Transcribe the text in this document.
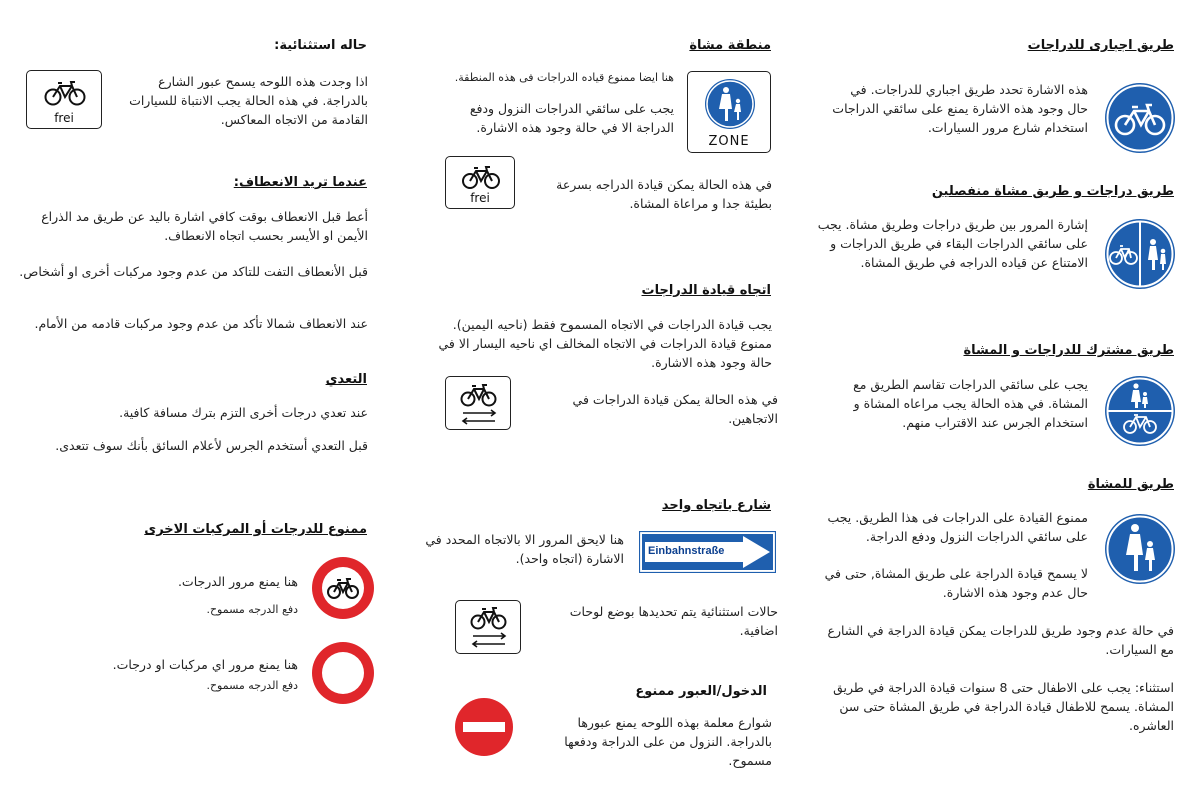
طريق اجبارى للدراجات
هذه الاشارة تحدد طريق اجباري للدراجات. في حال وجود هذه الاشارة يمنع على سائقي الدراجات استخدام شارع مرور السيارات.
طريق دراجات و طريق مشاة منفصلين
إشارة المرور بين طريق دراجات وطريق مشاة. يجب على سائقي الدراجات البقاء في طريق الدراجات و الامتناع عن قياده الدراجه في طريق المشاة.
طريق مشترك للدراجات و المشاة
يجب على سائقي الدراجات تقاسم الطريق مع المشاة. في هذه الحالة يجب مراعاه المشاة و استخدام الجرس عند الاقتراب منهم.
طريق للمشاة
ممنوع القيادة على الدراجات فى هذا الطريق. يجب على سائقي الدراجات النزول ودفع الدراجة.
لا يسمح قيادة الدراجة على طريق المشاة, حتى في حال عدم وجود هذه الاشارة.
في حالة عدم وجود طريق للدراجات يمكن قيادة الدراجة في الشارع مع السيارات.
استثناء: يجب على الاطفال حتى 8 سنوات قيادة الدراجة في طريق المشاة. يسمح للاطفال قيادة الدراجة في طريق المشاة حتى سن العاشره.
منطقة مشاة
هنا ايضا ممنوع قياده الدراجات فى هذه المنطقة.
يجب على سائقي الدراجات النزول ودفع الدراجة الا في حالة وجود هذه الاشارة.
ZONE
frei
في هذه الحالة يمكن قيادة الدراجه بسرعة بطيئة جدا و مراعاة المشاة.
اتجاه قيادة الدراجات
يجب قيادة الدراجات في الاتجاه المسموح فقط (ناحيه اليمين). ممنوع قيادة الدراجات في الاتجاه المخالف اي ناحيه اليسار الا في حالة وجود هذه الاشارة.
في هذه الحالة يمكن قيادة الدراجات في الاتجاهين.
شارع باتجاه واحد
هنا لايحق المرور الا بالاتجاه المحدد في الاشارة (اتجاه واحد). Einbahnstraße
حالات استثنائية يتم تحديدها بوضع لوحات اضافية.
الدخول/العبور ممنوع
شوارع معلمة بهذه اللوحه يمنع عبورها بالدراجة. النزول من على الدراجة ودفعها مسموح.
حاله استثنائية:
اذا وجدت هذه اللوحه يسمح عبور الشارع بالدراجة. في هذه الحالة يجب الانتباة للسيارات القادمة من الاتجاه المعاكس.
frei
عندما تريد الانعطاف:
أعط قبل الانعطاف بوقت كافي اشارة باليد عن طريق مد الذراع الأيمن او الأيسر بحسب اتجاه الانعطاف.
قبل الأنعطاف التفت للتاكد من عدم وجود مركبات أخرى او أشخاص.
عند الانعطاف شمالا تأكد من عدم وجود مركبات قادمه من الأمام.
التعدي
عند تعدي درجات أخرى التزم بترك مسافة كافية.
قبل التعدي أستخدم الجرس لأعلام السائق بأنك سوف تتعدى.
ممنوع للدرجات أو المركبات الاخرى
هنا يمنع مرور الدرجات.
دفع الدرجه مسموح.
هنا يمنع مرور اي مركبات او درجات.
دفع الدرجه مسموح.
